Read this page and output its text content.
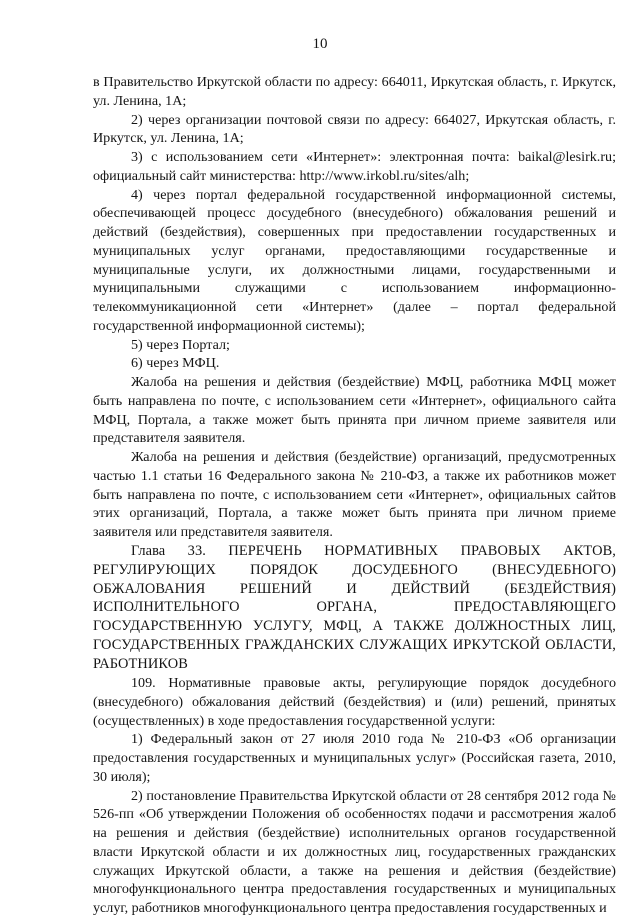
10

в Правительство Иркутской области по адресу: 664011, Иркутская область, г. Иркутск, ул. Ленина, 1А;

2) через организации почтовой связи по адресу: 664027, Иркутская область, г. Иркутск, ул. Ленина, 1А;

3) с использованием сети «Интернет»: электронная почта: baikal@lesirk.ru; официальный сайт министерства: http://www.irkobl.ru/sites/alh;

4) через портал федеральной государственной информационной системы, обеспечивающей процесс досудебного (внесудебного) обжалования решений и действий (бездействия), совершенных при предоставлении государственных и муниципальных услуг органами, предоставляющими государственные и муниципальные услуги, их должностными лицами, государственными и муниципальными служащими с использованием информационно-телекоммуникационной сети «Интернет» (далее – портал федеральной государственной информационной системы);

5) через Портал;

6) через МФЦ.

Жалоба на решения и действия (бездействие) МФЦ, работника МФЦ может быть направлена по почте, с использованием сети «Интернет», официального сайта МФЦ, Портала, а также может быть принята при личном приеме заявителя или представителя заявителя.

Жалоба на решения и действия (бездействие) организаций, предусмотренных частью 1.1 статьи 16 Федерального закона № 210-ФЗ, а также их работников может быть направлена по почте, с использованием сети «Интернет», официальных сайтов этих организаций, Портала, а также может быть принята при личном приеме заявителя или представителя заявителя.

Глава 33. ПЕРЕЧЕНЬ НОРМАТИВНЫХ ПРАВОВЫХ АКТОВ, РЕГУЛИРУЮЩИХ ПОРЯДОК ДОСУДЕБНОГО (ВНЕСУДЕБНОГО) ОБЖАЛОВАНИЯ РЕШЕНИЙ И ДЕЙСТВИЙ (БЕЗДЕЙСТВИЯ) ИСПОЛНИТЕЛЬНОГО ОРГАНА, ПРЕДОСТАВЛЯЮЩЕГО ГОСУДАРСТВЕННУЮ УСЛУГУ, МФЦ, А ТАКЖЕ ДОЛЖНОСТНЫХ ЛИЦ, ГОСУДАРСТВЕННЫХ ГРАЖДАНСКИХ СЛУЖАЩИХ ИРКУТСКОЙ ОБЛАСТИ, РАБОТНИКОВ

109. Нормативные правовые акты, регулирующие порядок досудебного (внесудебного) обжалования действий (бездействия) и (или) решений, принятых (осуществленных) в ходе предоставления государственной услуги:

1) Федеральный закон от 27 июля 2010 года № 210-ФЗ «Об организации предоставления государственных и муниципальных услуг» (Российская газета, 2010, 30 июля);

2) постановление Правительства Иркутской области от 28 сентября 2012 года № 526-пп «Об утверждении Положения об особенностях подачи и рассмотрения жалоб на решения и действия (бездействие) исполнительных органов государственной власти Иркутской области и их должностных лиц, государственных гражданских служащих Иркутской области, а также на решения и действия (бездействие) многофункционального центра предоставления государственных и муниципальных услуг, работников многофункционального центра предоставления государственных и
